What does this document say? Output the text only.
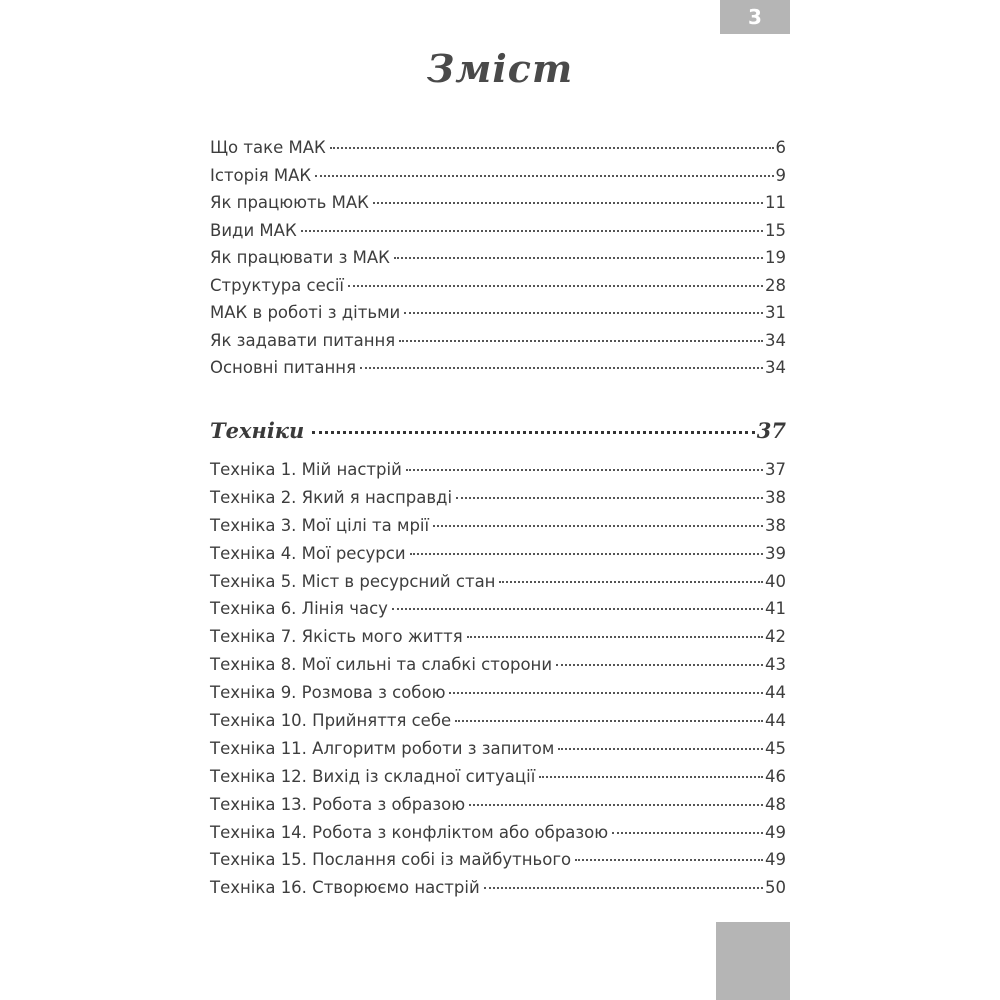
3
Зміст
Що таке МАК	6
Історія МАК	9
Як працюють МАК	11
Види МАК	15
Як працювати з МАК	19
Структура сесії	28
МАК в роботі з дітьми	31
Як задавати питання	34
Основні питання	34
Техніки	37
Техніка 1. Мій настрій	37
Техніка 2. Який я насправді	38
Техніка 3. Мої цілі та мрії	38
Техніка 4. Мої ресурси	39
Техніка 5. Міст в ресурсний стан	40
Техніка 6. Лінія часу	41
Техніка 7. Якість мого життя	42
Техніка 8. Мої сильні та слабкі сторони	43
Техніка 9. Розмова з собою	44
Техніка 10. Прийняття себе	44
Техніка 11. Алгоритм роботи з запитом	45
Техніка 12. Вихід із складної ситуації	46
Техніка 13. Робота з образою	48
Техніка 14. Робота з конфліктом або образою	49
Техніка 15. Послання собі із майбутнього	49
Техніка 16. Створюємо настрій	50
